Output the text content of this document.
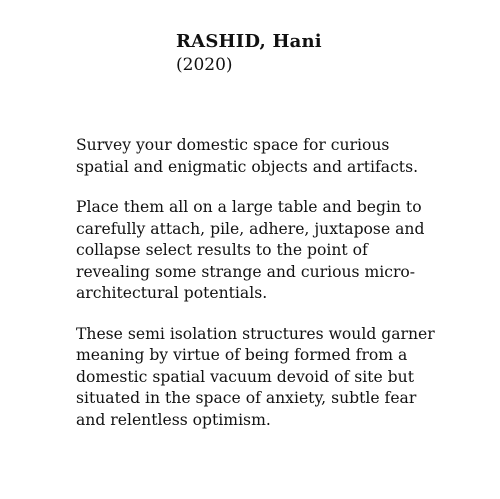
RASHID, Hani

(2020)

Survey your domestic space for curious
spatial and enigmatic objects and artifacts.

Place them all on a large table and begin to
carefully attach, pile, adhere, juxtapose and
collapse select results to the point of
revealing some strange and curious micro-
architectural potentials.

These semi isolation structures would garner
meaning by virtue of being formed from a
domestic spatial vacuum devoid of site but
situated in the space of anxiety, subtle fear
and relentless optimism.
